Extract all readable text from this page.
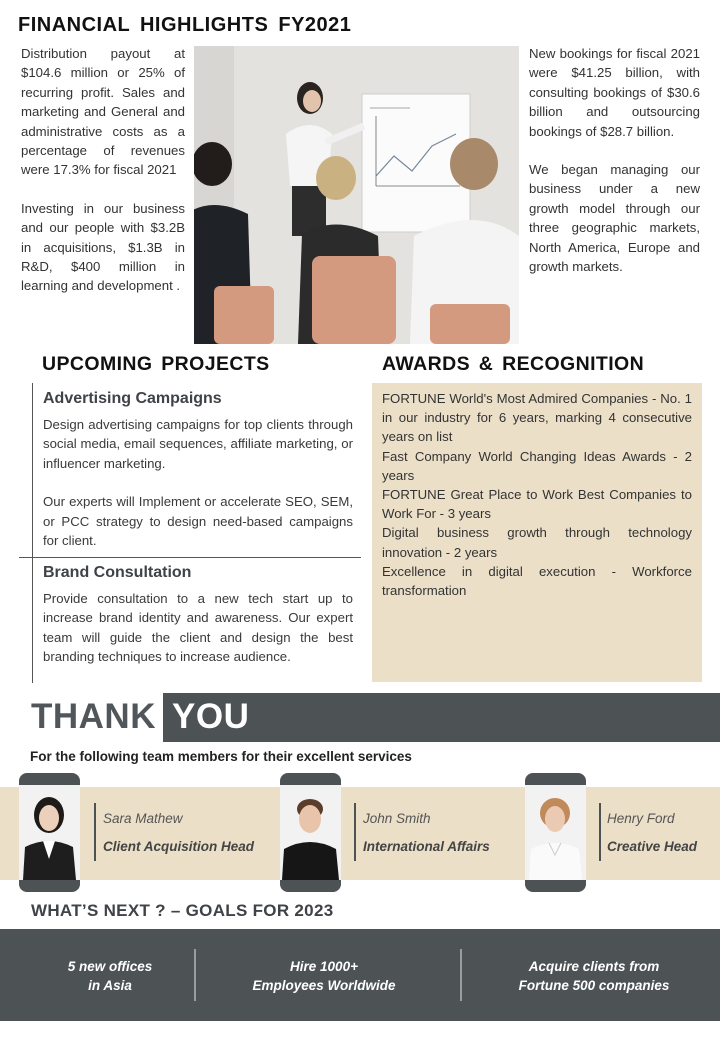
FINANCIAL HIGHLIGHTS FY2021

Distribution payout at $104.6 million or 25% of recurring profit. Sales and marketing and General and administrative costs as a percentage of revenues were 17.3% for fiscal 2021

Investing in our business and our people with $3.2B in acquisitions, $1.3B in R&D, $400 million in learning and development .

New bookings for fiscal 2021 were $41.25 billion, with consulting bookings of $30.6 billion and outsourcing bookings of $28.7 billion.

We began managing our business under a new growth model through our three geographic markets, North America, Europe and growth markets.

UPCOMING PROJECTS
Advertising Campaigns

Design advertising campaigns for top clients through social media, email sequences, affiliate marketing, or influencer marketing.

Our experts will Implement or accelerate SEO, SEM, or PCC strategy to design need-based campaigns for client.

Brand Consultation

Provide consultation to a new tech start up to increase brand identity and awareness. Our expert team will guide the client and design the best branding techniques to increase audience.

AWARDS & RECOGNITION

FORTUNE World's Most Admired Companies - No. 1 in our industry for 6 years, marking 4 consecutive years on list

Fast Company World Changing Ideas Awards - 2 years

FORTUNE Great Place to Work Best Companies to Work For - 3 years

Digital business growth through technology innovation - 2 years

Excellence in digital execution - Workforce transformation

THANK YOU
For the following team members for their excellent services
Sara Mathew
Client Acquisition Head
John Smith
International Affairs
Henry Ford
Creative Head
WHAT’S NEXT ? – GOALS FOR 2023
5 new offices
in Asia
Hire 1000+
Employees Worldwide
Acquire clients from
Fortune 500 companies
